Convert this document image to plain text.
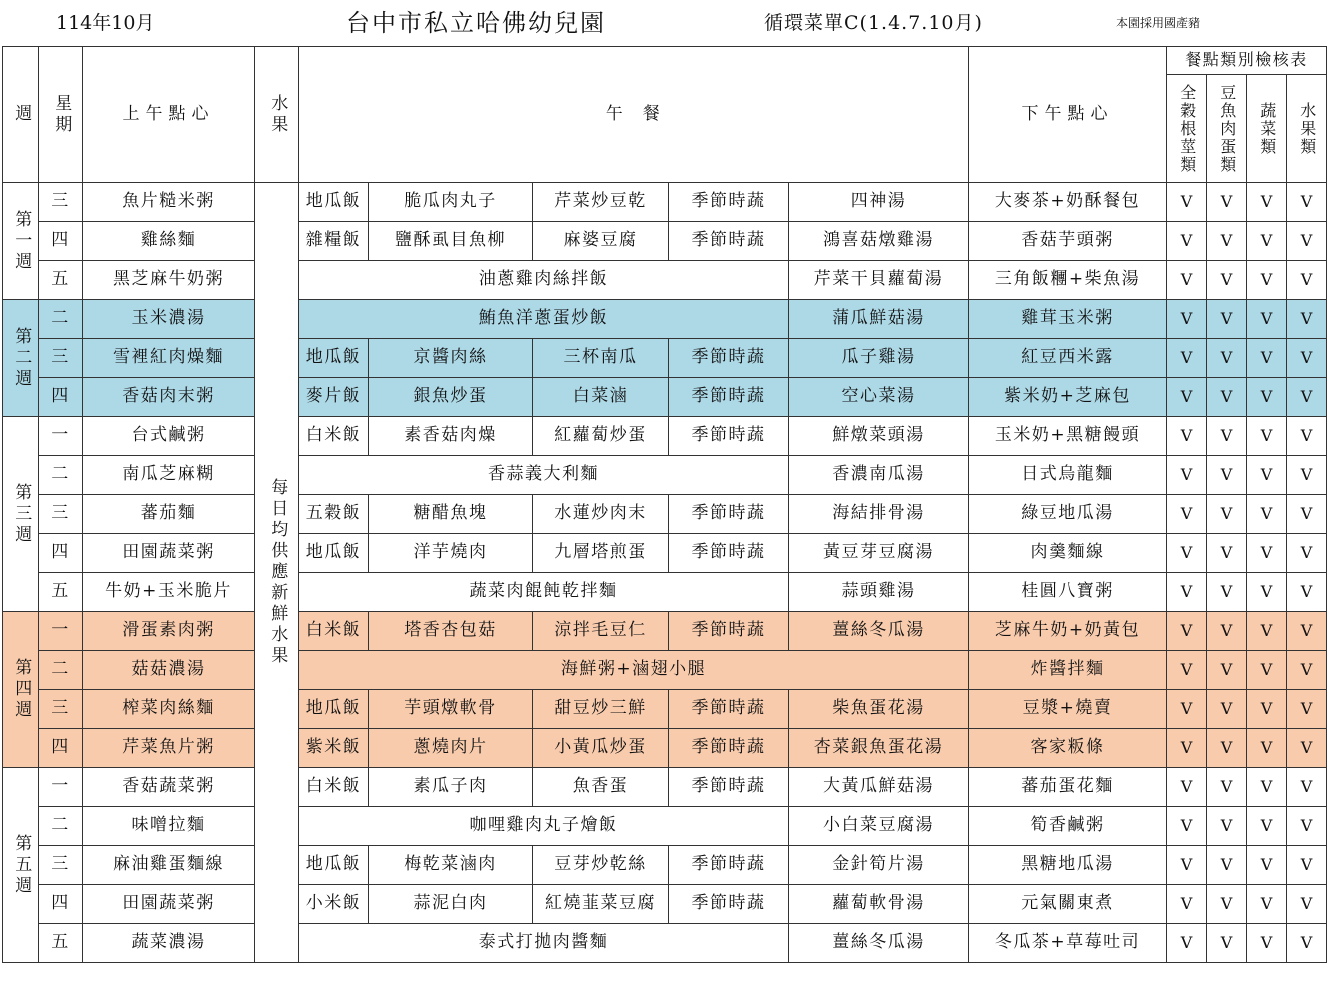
114年10月	台中市私立哈佛幼兒園	循環菜單C(1.4.7.10月)	本園採用國產豬
週	星期	上午點心	水果	午　餐	下午點心
餐點類別檢核表
全穀根莖類	豆魚肉蛋類	蔬菜類	水果類
第一週
第二週
第三週
第四週
第五週
每日均供應新鮮水果
三	魚片糙米粥	地瓜飯	脆瓜肉丸子	芹菜炒豆乾	季節時蔬	四神湯	大麥茶+奶酥餐包	V	V	V	V
四	雞絲麵	雜糧飯	鹽酥虱目魚柳	麻婆豆腐	季節時蔬	鴻喜菇燉雞湯	香菇芋頭粥	V	V	V	V
五	黑芝麻牛奶粥	油蔥雞肉絲拌飯	芹菜干貝蘿蔔湯	三角飯糰+柴魚湯	V	V	V	V
二	玉米濃湯	鮪魚洋蔥蛋炒飯	蒲瓜鮮菇湯	雞茸玉米粥	V	V	V	V
三	雪裡紅肉燥麵	地瓜飯	京醬肉絲	三杯南瓜	季節時蔬	瓜子雞湯	紅豆西米露	V	V	V	V
四	香菇肉末粥	麥片飯	銀魚炒蛋	白菜滷	季節時蔬	空心菜湯	紫米奶+芝麻包	V	V	V	V
一	台式鹹粥	白米飯	素香菇肉燥	紅蘿蔔炒蛋	季節時蔬	鮮燉菜頭湯	玉米奶+黑糖饅頭	V	V	V	V
二	南瓜芝麻糊	香蒜義大利麵	香濃南瓜湯	日式烏龍麵	V	V	V	V
三	蕃茄麵	五穀飯	糖醋魚塊	水蓮炒肉末	季節時蔬	海結排骨湯	綠豆地瓜湯	V	V	V	V
四	田園蔬菜粥	地瓜飯	洋芋燒肉	九層塔煎蛋	季節時蔬	黃豆芽豆腐湯	肉羹麵線	V	V	V	V
五	牛奶+玉米脆片	蔬菜肉餛飩乾拌麵	蒜頭雞湯	桂圓八寶粥	V	V	V	V
一	滑蛋素肉粥	白米飯	塔香杏包菇	涼拌毛豆仁	季節時蔬	薑絲冬瓜湯	芝麻牛奶+奶黃包	V	V	V	V
二	菇菇濃湯	海鮮粥+滷翅小腿	炸醬拌麵	V	V	V	V
三	榨菜肉絲麵	地瓜飯	芋頭燉軟骨	甜豆炒三鮮	季節時蔬	柴魚蛋花湯	豆漿+燒賣	V	V	V	V
四	芹菜魚片粥	紫米飯	蔥燒肉片	小黃瓜炒蛋	季節時蔬	杏菜銀魚蛋花湯	客家粄條	V	V	V	V
一	香菇蔬菜粥	白米飯	素瓜子肉	魚香蛋	季節時蔬	大黃瓜鮮菇湯	蕃茄蛋花麵	V	V	V	V
二	味噌拉麵	咖哩雞肉丸子燴飯	小白菜豆腐湯	筍香鹹粥	V	V	V	V
三	麻油雞蛋麵線	地瓜飯	梅乾菜滷肉	豆芽炒乾絲	季節時蔬	金針筍片湯	黑糖地瓜湯	V	V	V	V
四	田園蔬菜粥	小米飯	蒜泥白肉	紅燒韮菜豆腐	季節時蔬	蘿蔔軟骨湯	元氣關東煮	V	V	V	V
五	蔬菜濃湯	泰式打拋肉醬麵	薑絲冬瓜湯	冬瓜茶+草莓吐司	V	V	V	V
